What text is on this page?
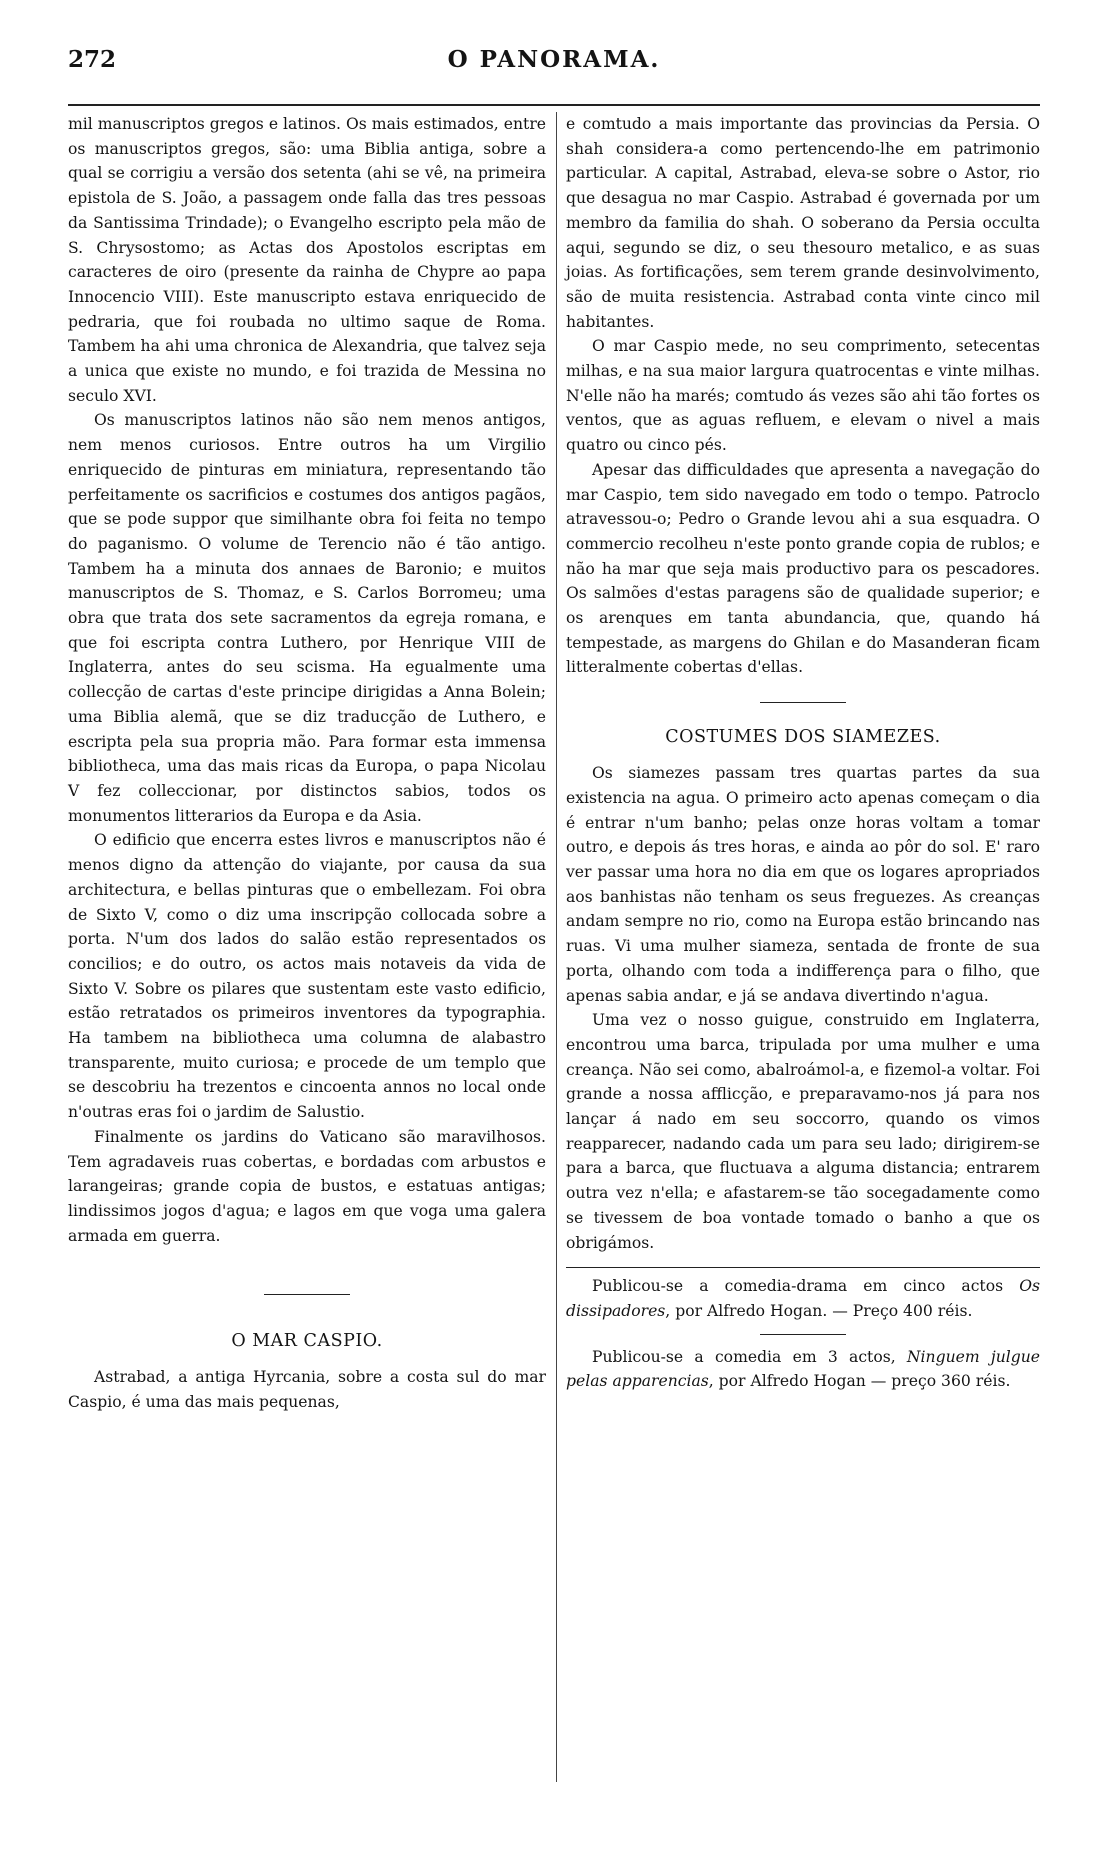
272	O PANORAMA.

mil manuscriptos gregos e latinos. Os mais estimados, entre os manuscriptos gregos, são: uma Biblia antiga, sobre a qual se corrigiu a versão dos setenta (ahi se vê, na primeira epistola de S. João, a passagem onde falla das tres pessoas da Santissima Trindade); o Evangelho escripto pela mão de S. Chrysostomo; as Actas dos Apostolos escriptas em caracteres de oiro (presente da rainha de Chypre ao papa Innocencio VIII). Este manuscripto estava enriquecido de pedraria, que foi roubada no ultimo saque de Roma. Tambem ha ahi uma chronica de Alexandria, que talvez seja a unica que existe no mundo, e foi trazida de Messina no seculo XVI.

Os manuscriptos latinos não são nem menos antigos, nem menos curiosos. Entre outros ha um Virgilio enriquecido de pinturas em miniatura, representando tão perfeitamente os sacrificios e costumes dos antigos pagãos, que se pode suppor que similhante obra foi feita no tempo do paganismo. O volume de Terencio não é tão antigo. Tambem ha a minuta dos annaes de Baronio; e muitos manuscriptos de S. Thomaz, e S. Carlos Borromeu; uma obra que trata dos sete sacramentos da egreja romana, e que foi escripta contra Luthero, por Henrique VIII de Inglaterra, antes do seu scisma. Ha egualmente uma collecção de cartas d'este principe dirigidas a Anna Bolein; uma Biblia alemã, que se diz traducção de Luthero, e escripta pela sua propria mão. Para formar esta immensa bibliotheca, uma das mais ricas da Europa, o papa Nicolau V fez colleccionar, por distinctos sabios, todos os monumentos litterarios da Europa e da Asia.

O edificio que encerra estes livros e manuscriptos não é menos digno da attenção do viajante, por causa da sua architectura, e bellas pinturas que o embellezam. Foi obra de Sixto V, como o diz uma inscripção collocada sobre a porta. N'um dos lados do salão estão representados os concilios; e do outro, os actos mais notaveis da vida de Sixto V. Sobre os pilares que sustentam este vasto edificio, estão retratados os primeiros inventores da typographia. Ha tambem na bibliotheca uma columna de alabastro transparente, muito curiosa; e procede de um templo que se descobriu ha trezentos e cincoenta annos no local onde n'outras eras foi o jardim de Salustio.

Finalmente os jardins do Vaticano são maravilhosos. Tem agradaveis ruas cobertas, e bordadas com arbustos e larangeiras; grande copia de bustos, e estatuas antigas; lindissimos jogos d'agua; e lagos em que voga uma galera armada em guerra.

O MAR CASPIO.

Astrabad, a antiga Hyrcania, sobre a costa sul do mar Caspio, é uma das mais pequenas,

e comtudo a mais importante das provincias da Persia. O shah considera-a como pertencendo-lhe em patrimonio particular. A capital, Astrabad, eleva-se sobre o Astor, rio que desagua no mar Caspio. Astrabad é governada por um membro da familia do shah. O soberano da Persia occulta aqui, segundo se diz, o seu thesouro metalico, e as suas joias. As fortificações, sem terem grande desinvolvimento, são de muita resistencia. Astrabad conta vinte cinco mil habitantes.

O mar Caspio mede, no seu comprimento, setecentas milhas, e na sua maior largura quatrocentas e vinte milhas. N'elle não ha marés; comtudo ás vezes são ahi tão fortes os ventos, que as aguas refluem, e elevam o nivel a mais quatro ou cinco pés.

Apesar das difficuldades que apresenta a navegação do mar Caspio, tem sido navegado em todo o tempo. Patroclo atravessou-o; Pedro o Grande levou ahi a sua esquadra. O commercio recolheu n'este ponto grande copia de rublos; e não ha mar que seja mais productivo para os pescadores. Os salmões d'estas paragens são de qualidade superior; e os arenques em tanta abundancia, que, quando há tempestade, as margens do Ghilan e do Masanderan ficam litteralmente cobertas d'ellas.

COSTUMES DOS SIAMEZES.

Os siamezes passam tres quartas partes da sua existencia na agua. O primeiro acto apenas começam o dia é entrar n'um banho; pelas onze horas voltam a tomar outro, e depois ás tres horas, e ainda ao pôr do sol. E' raro ver passar uma hora no dia em que os logares apropriados aos banhistas não tenham os seus freguezes. As creanças andam sempre no rio, como na Europa estão brincando nas ruas. Vi uma mulher siameza, sentada de fronte de sua porta, olhando com toda a indifferença para o filho, que apenas sabia andar, e já se andava divertindo n'agua.

Uma vez o nosso guigue, construido em Inglaterra, encontrou uma barca, tripulada por uma mulher e uma creança. Não sei como, abalroámol-a, e fizemol-a voltar. Foi grande a nossa afflicção, e preparavamo-nos já para nos lançar á nado em seu soccorro, quando os vimos reapparecer, nadando cada um para seu lado; dirigirem-se para a barca, que fluctuava a alguma distancia; entrarem outra vez n'ella; e afastarem-se tão socegadamente como se tivessem de boa vontade tomado o banho a que os obrigámos.

Publicou-se a comedia-drama em cinco actos Os dissipadores, por Alfredo Hogan. — Preço 400 réis.

Publicou-se a comedia em 3 actos, Ninguem julgue pelas apparencias, por Alfredo Hogan — preço 360 réis.
